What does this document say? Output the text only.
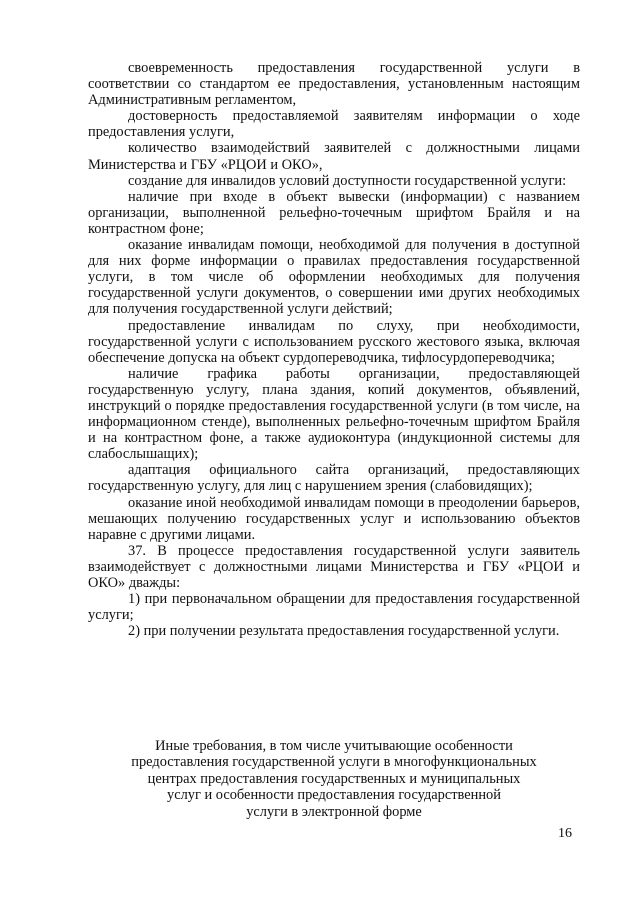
своевременность предоставления государственной услуги в соответствии со стандартом ее предоставления, установленным настоящим Административным регламентом,

достоверность предоставляемой заявителям информации о ходе предоставления услуги,

количество взаимодействий заявителей с должностными лицами Министерства и ГБУ «РЦОИ и ОКО»,

создание для инвалидов условий доступности государственной услуги:

наличие при входе в объект вывески (информации) с названием организации, выполненной рельефно-точечным шрифтом Брайля и на контрастном фоне;

оказание инвалидам помощи, необходимой для получения в доступной для них форме информации о правилах предоставления государственной услуги, в том числе об оформлении необходимых для получения государственной услуги документов, о совершении ими других необходимых для получения государственной услуги действий;

предоставление инвалидам по слуху, при необходимости, государственной услуги с использованием русского жестового языка, включая обеспечение допуска на объект сурдопереводчика, тифлосурдопереводчика;

наличие графика работы организации, предоставляющей государственную услугу, плана здания, копий документов, объявлений, инструкций о порядке предоставления государственной услуги (в том числе, на информационном стенде), выполненных рельефно-точечным шрифтом Брайля и на контрастном фоне, а также аудиоконтура (индукционной системы для слабослышащих);

адаптация официального сайта организаций, предоставляющих государственную услугу, для лиц с нарушением зрения (слабовидящих);

оказание иной необходимой инвалидам помощи в преодолении барьеров, мешающих получению государственных услуг и использованию объектов наравне с другими лицами.

37. В процессе предоставления государственной услуги заявитель взаимодействует с должностными лицами Министерства и ГБУ «РЦОИ и ОКО» дважды:

1) при первоначальном обращении для предоставления государственной услуги;

2) при получении результата предоставления государственной услуги.

Иные требования, в том числе учитывающие особенности
предоставления государственной услуги в многофункциональных
центрах предоставления государственных и муниципальных
услуг и особенности предоставления государственной
услуги в электронной форме
16
